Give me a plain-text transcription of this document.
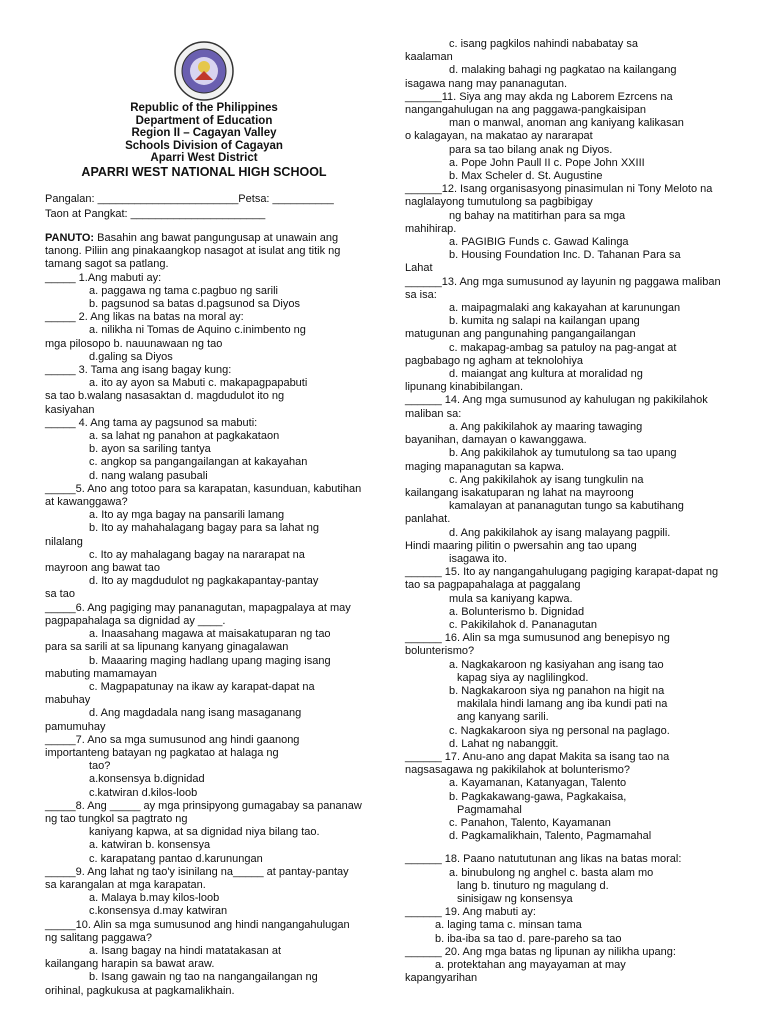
Republic of the Philippines
Department of Education
Region II – Cagayan Valley
Schools Division of Cagayan
Aparri West District
APARRI WEST NATIONAL HIGH SCHOOL
Pangalan: _______________________Petsa: __________
Taon at Pangkat: ______________________
PANUTO: Basahin ang bawat pangungusap at unawain ang tanong. Piliin ang pinakaangkop nasagot at isulat ang titik ng tamang sagot sa patlang.
_____ 1.Ang mabuti ay:
a. paggawa ng tama c.pagbuo ng sarili
b. pagsunod sa batas d.pagsunod sa Diyos
_____ 2. Ang likas na batas na moral ay:
a. nilikha ni Tomas de Aquino c.inimbento ng
mga pilosopo b. nauunawaan ng tao
d.galing sa Diyos
_____ 3. Tama ang isang bagay kung:
a. ito ay ayon sa Mabuti c. makapagpapabuti
sa tao b.walang nasasaktan d. magdudulot ito ng
kasiyahan
_____ 4. Ang tama ay pagsunod sa mabuti:
a. sa lahat ng panahon at pagkakataon
b. ayon sa sariling tantya
c. angkop sa pangangailangan at kakayahan
d. nang walang pasubali
_____5. Ano ang totoo para sa karapatan, kasunduan, kabutihan at kawanggawa?
a. Ito ay mga bagay na pansarili lamang
b. Ito ay mahahalagang bagay para sa lahat ng
nilalang
c. Ito ay mahalagang bagay na nararapat na
mayroon ang bawat tao
d. Ito ay magdudulot ng pagkakapantay-pantay
sa tao
_____6. Ang pagiging may pananagutan, mapagpalaya at may pagpapahalaga sa dignidad ay ____.
a. Inaasahang magawa at maisakatuparan ng tao
para sa sarili at sa lipunang kanyang ginagalawan
b. Maaaring maging hadlang upang maging isang
mabuting mamamayan
c. Magpapatunay na ikaw ay karapat-dapat na
mabuhay
d. Ang magdadala nang isang masaganang
pamumuhay
_____7. Ano sa mga sumusunod ang hindi gaanong importanteng batayan ng pagkatao at halaga ng
tao?
a.konsensya b.dignidad
c.katwiran d.kilos-loob
_____8. Ang _____ ay mga prinsipyong gumagabay sa pananaw ng tao tungkol sa pagtrato ng
kaniyang kapwa, at sa dignidad niya bilang tao.
a. katwiran b. konsensya
c. karapatang pantao d.karunungan
_____9. Ang lahat ng tao'y isinilang na_____ at pantay-pantay sa karangalan at mga karapatan.
a. Malaya b.may kilos-loob
c.konsensya d.may katwiran
_____10. Alin sa mga sumusunod ang hindi nangangahulugan ng salitang paggawa?
a. Isang bagay na hindi matatakasan at
kailangang harapin sa bawat araw.
b. Isang gawain ng tao na nangangailangan ng
orihinal, pagkukusa at pagkamalikhain.
c. isang pagkilos nahindi nababatay sa
kaalaman
d. malaking bahagi ng pagkatao na kailangang
isagawa nang may pananagutan.
______11. Siya ang may akda ng Laborem Ezrcens na nangangahulugan na ang paggawa-pangkaisipan
man o manwal, anoman ang kaniyang kalikasan
o kalagayan, na makatao ay nararapat
para sa tao bilang anak ng Diyos.
a. Pope John Paull II c. Pope John XXIII
b. Max Scheler d. St. Augustine
______12. Isang organisasyong pinasimulan ni Tony Meloto na naglalayong tumutulong sa pagbibigay
ng bahay na matitirhan para sa mga
mahihirap.
a. PAGIBIG Funds c. Gawad Kalinga
b. Housing Foundation Inc. D. Tahanan Para sa
Lahat
______13. Ang mga sumusunod ay layunin ng paggawa maliban sa isa:
a. maipagmalaki ang kakayahan at karunungan
b. kumita ng salapi na kailangan upang
matugunan ang pangunahing pangangailangan
c. makapag-ambag sa patuloy na pag-angat at
pagbabago ng agham at teknolohiya
d. maiangat ang kultura at moralidad ng
lipunang kinabibilangan.
______ 14. Ang mga sumusunod ay kahulugan ng pakikilahok maliban sa:
a. Ang pakikilahok ay maaring tawaging
bayanihan, damayan o kawanggawa.
b. Ang pakikilahok ay tumutulong sa tao upang
maging mapanagutan sa kapwa.
c. Ang pakikilahok ay isang tungkulin na
kailangang isakatuparan ng lahat na mayroong
kamalayan at pananagutan tungo sa kabutihang
panlahat.
d. Ang pakikilahok ay isang malayang pagpili.
Hindi maaring pilitin o pwersahin ang tao upang
isagawa ito.
______ 15. Ito ay nangangahulugang pagiging karapat-dapat ng tao sa pagpapahalaga at paggalang
mula sa kaniyang kapwa.
a. Bolunterismo b. Dignidad
c. Pakikilahok d. Pananagutan
______ 16. Alin sa mga sumusunod ang benepisyo ng bolunterismo?
a. Nagkakaroon ng kasiyahan ang isang tao
kapag siya ay naglilingkod.
b. Nagkakaroon siya ng panahon na higit na
makilala hindi lamang ang iba kundi pati na
ang kanyang sarili.
c. Nagkakaroon siya ng personal na paglago.
d. Lahat ng nabanggit.
______ 17. Anu-ano ang dapat Makita sa isang tao na nagsasagawa ng pakikilahok at bolunterismo?
a. Kayamanan, Katanyagan, Talento
b. Pagkakawang-gawa, Pagkakaisa,
Pagmamahal
c. Panahon, Talento, Kayamanan
d. Pagkamalikhain, Talento, Pagmamahal
______ 18. Paano natututunan ang likas na batas moral:
a. binubulong ng anghel c. basta alam mo
lang b. tinuturo ng magulang d.
sinisigaw ng konsensya
______ 19. Ang mabuti ay:
a. laging tama c. minsan tama
b. iba-iba sa tao d. pare-pareho sa tao
______ 20. Ang mga batas ng lipunan ay nilikha upang:
a. protektahan ang mayayaman at may
kapangyarihan
